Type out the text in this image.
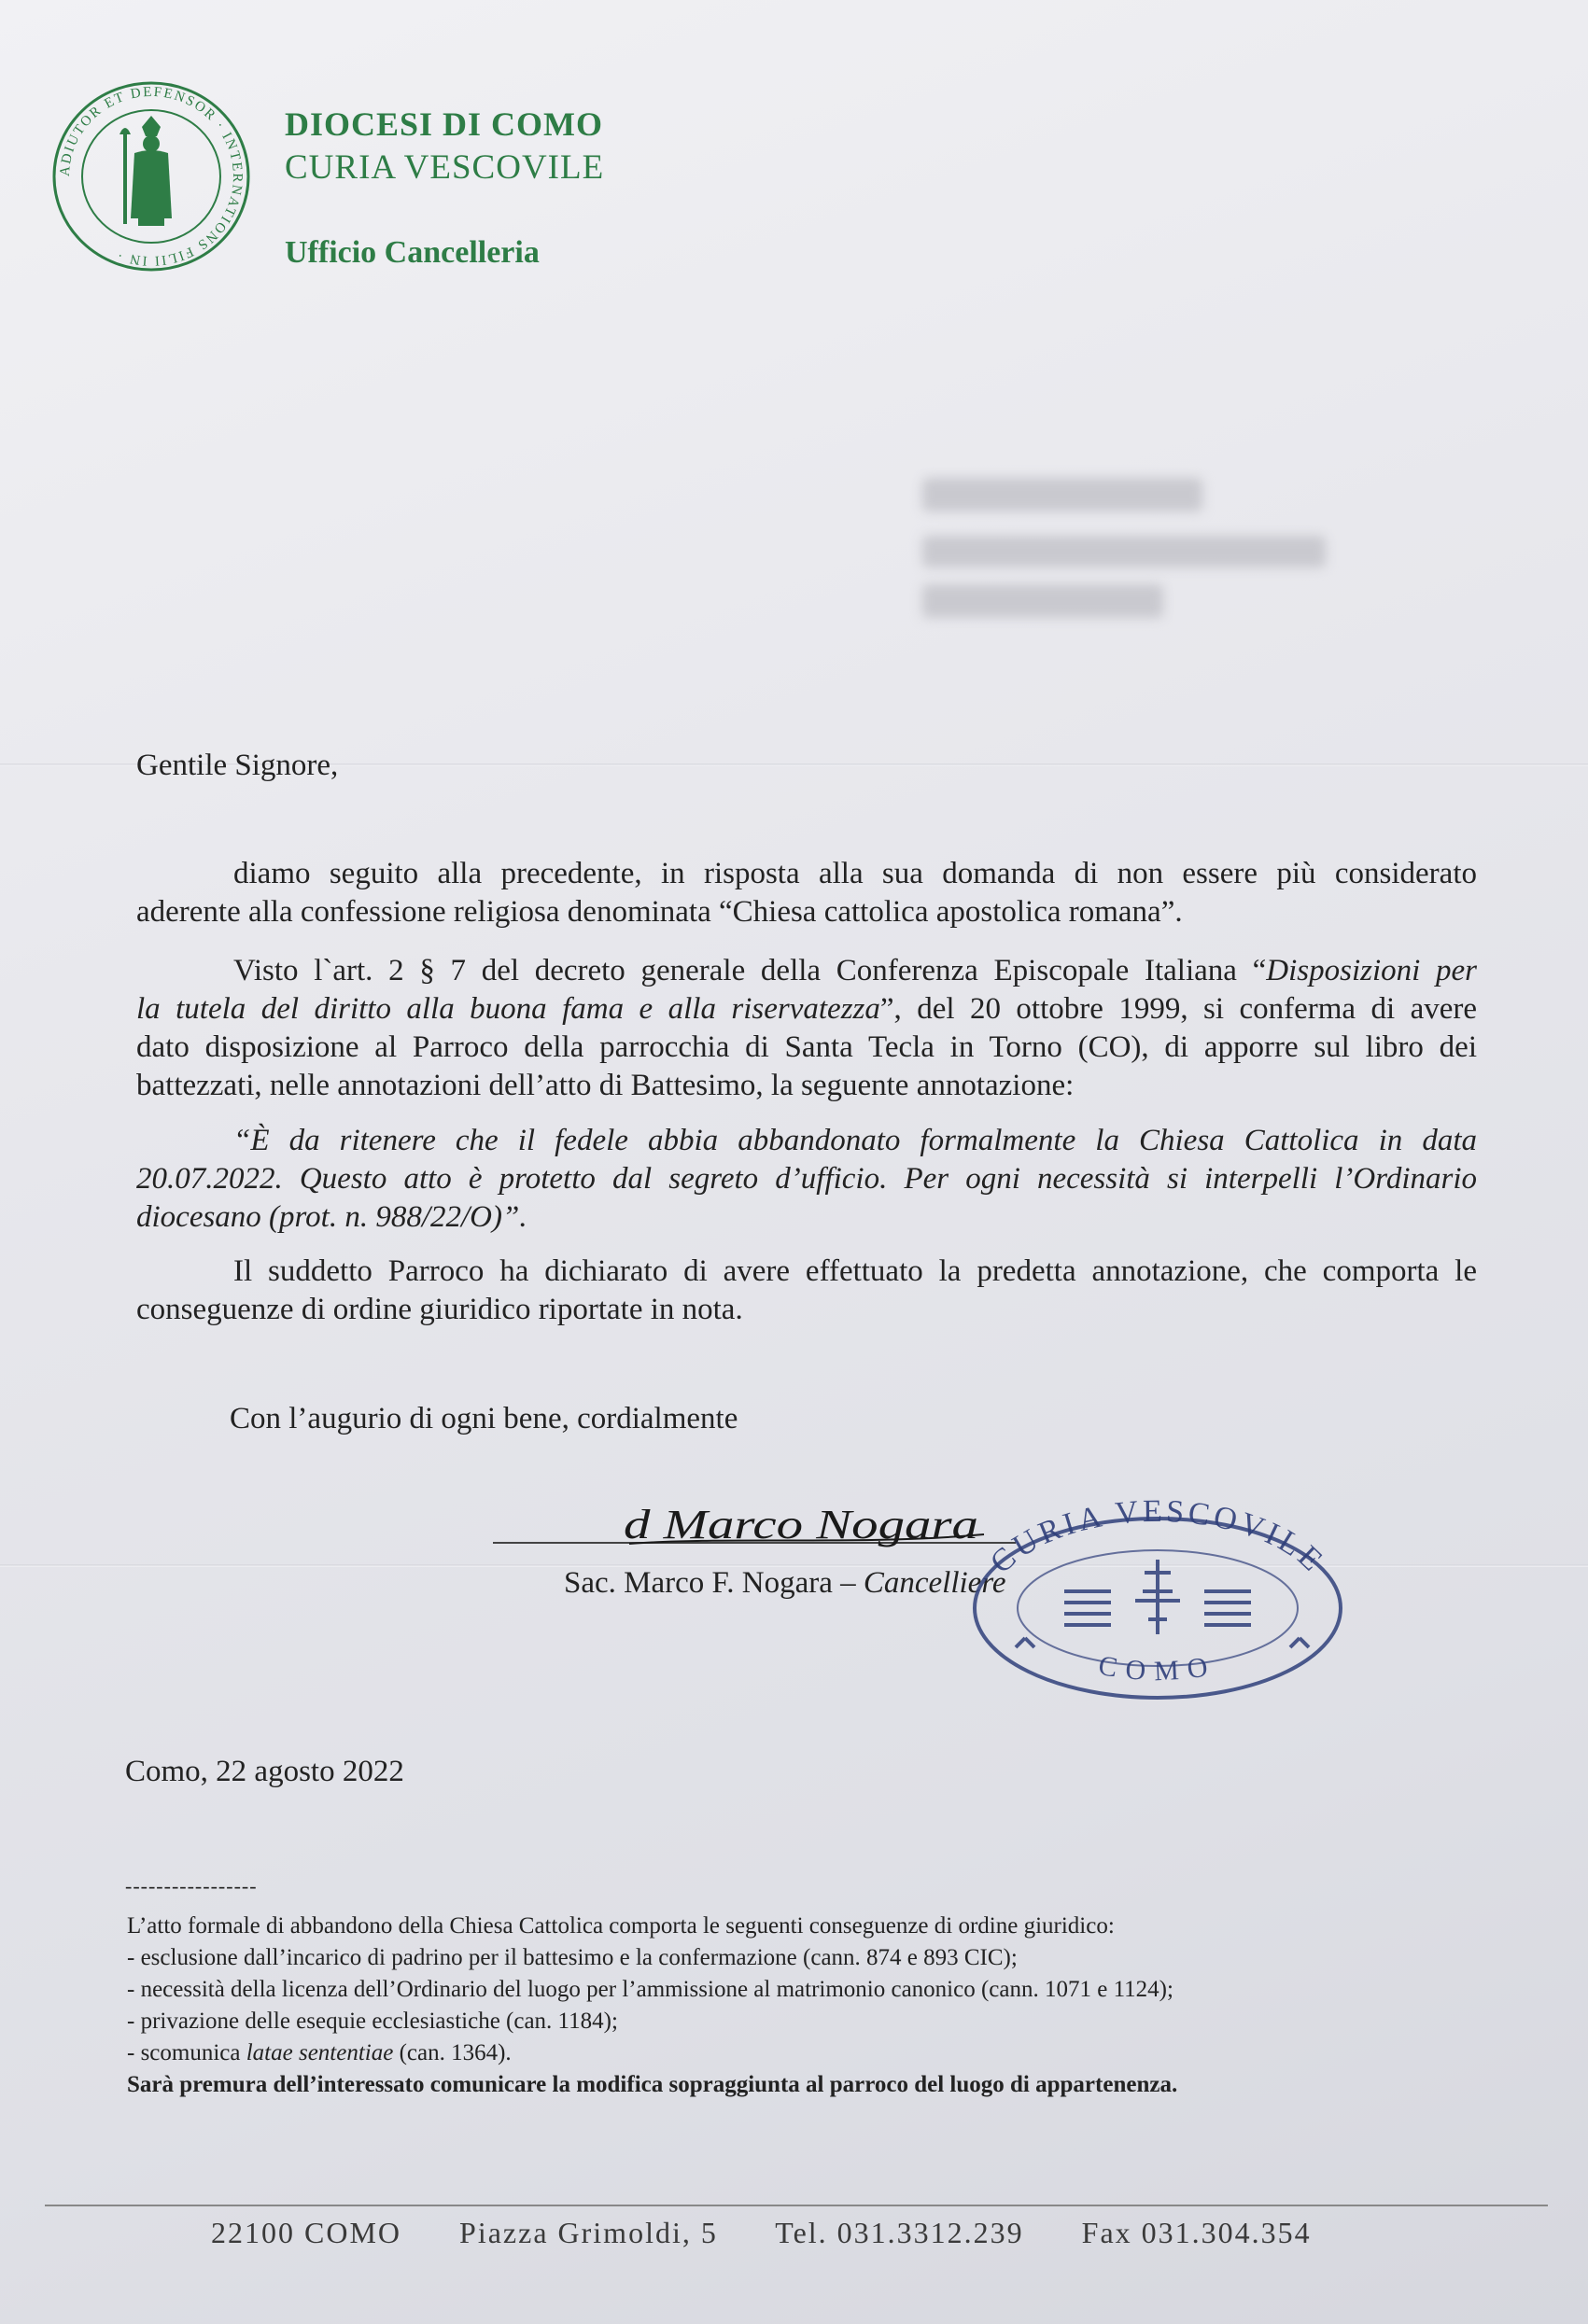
ADIUTOR ET DEFENSOR · INTERNATIONS FILII IN ·
DIOCESI DI COMO
CURIA VESCOVILE
Ufficio Cancelleria
Gentile Signore,
diamo seguito alla precedente, in risposta alla sua domanda di non essere più considerato
aderente alla confessione religiosa denominata “Chiesa cattolica apostolica romana”.
Visto l`art. 2 § 7 del decreto generale della Conferenza Episcopale Italiana “Disposizioni per
la tutela del diritto alla buona fama e alla riservatezza”, del 20 ottobre 1999, si conferma di avere
dato disposizione al Parroco della parrocchia di Santa Tecla in Torno (CO), di apporre sul libro dei
battezzati, nelle annotazioni dell’atto di Battesimo, la seguente annotazione:
“È da ritenere che il fedele abbia abbandonato formalmente la Chiesa Cattolica in data
20.07.2022. Questo atto è protetto dal segreto d’ufficio. Per ogni necessità si interpelli l’Ordinario
diocesano (prot. n. 988/22/O)”.
Il suddetto Parroco ha dichiarato di avere effettuato la predetta annotazione, che comporta le
conseguenze di ordine giuridico riportate in nota.
Con l’augurio di ogni bene, cordialmente
d Marco Nogara
Sac. Marco F. Nogara – Cancelliere
CURIA VESCOVILE
COMO
Como, 22 agosto 2022
-----------------
L’atto formale di abbandono della Chiesa Cattolica comporta le seguenti conseguenze di ordine giuridico:
- esclusione dall’incarico di padrino per il battesimo e la confermazione (cann. 874 e 893 CIC);
- necessità della licenza dell’Ordinario del luogo per l’ammissione al matrimonio canonico (cann. 1071 e 1124);
- privazione delle esequie ecclesiastiche (can. 1184);
- scomunica latae sententiae (can. 1364).
Sarà premura dell’interessato comunicare la modifica sopraggiunta al parroco del luogo di appartenenza.
22100 COMO Piazza Grimoldi, 5 Tel. 031.3312.239 Fax 031.304.354
